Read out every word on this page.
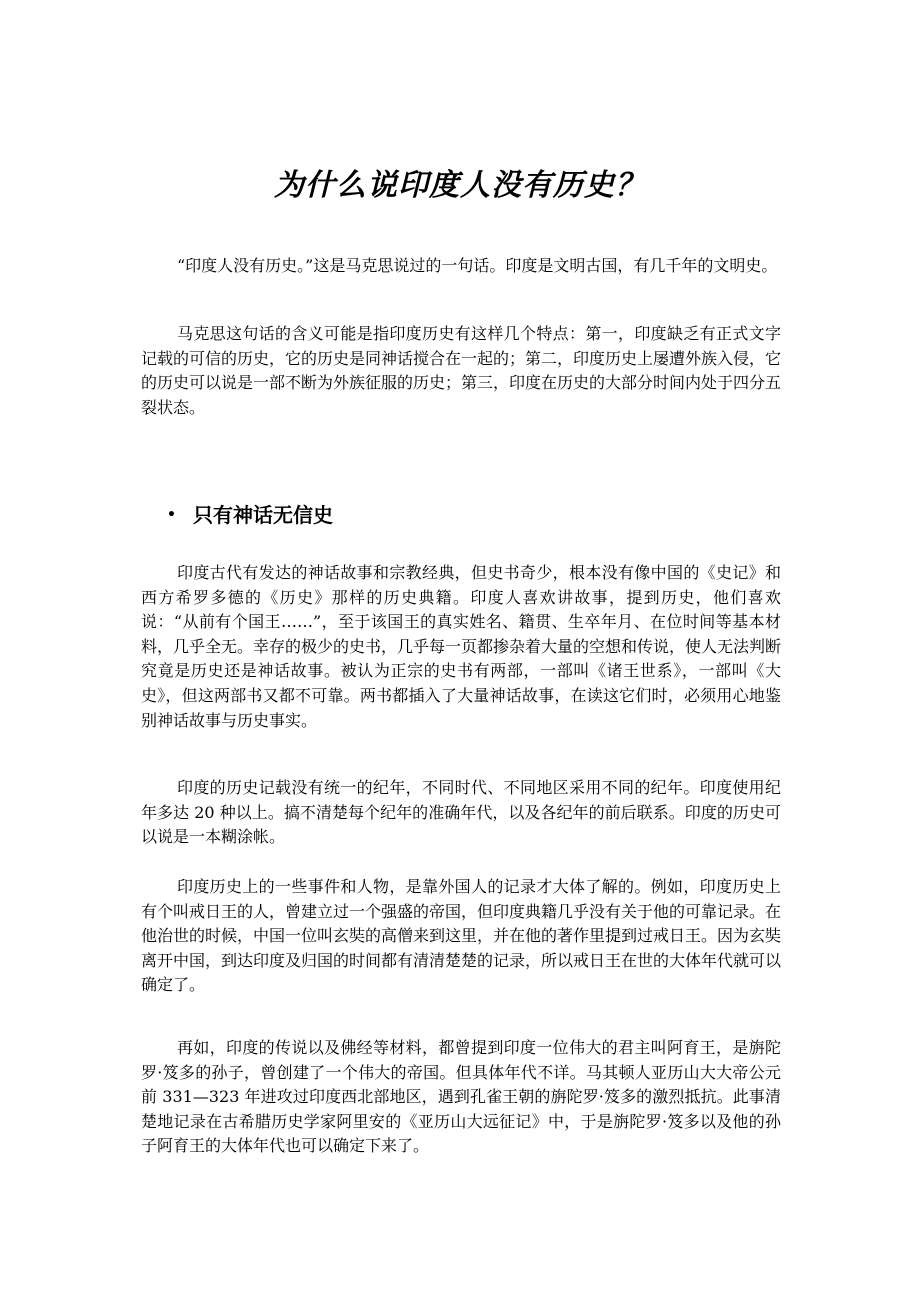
为什么说印度人没有历史？

“印度人没有历史。”这是马克思说过的一句话。印度是文明古国，有几千年的文明史。

马克思这句话的含义可能是指印度历史有这样几个特点：第一，印度缺乏有正式文字记载的可信的历史，它的历史是同神话搅合在一起的；第二，印度历史上屡遭外族入侵，它的历史可以说是一部不断为外族征服的历史；第三，印度在历史的大部分时间内处于四分五裂状态。

• 只有神话无信史

印度古代有发达的神话故事和宗教经典，但史书奇少，根本没有像中国的《史记》和西方希罗多德的《历史》那样的历史典籍。印度人喜欢讲故事，提到历史，他们喜欢说：“从前有个国王……”，至于该国王的真实姓名、籍贯、生卒年月、在位时间等基本材料，几乎全无。幸存的极少的史书，几乎每一页都掺杂着大量的空想和传说，使人无法判断究竟是历史还是神话故事。被认为正宗的史书有两部，一部叫《诸王世系》，一部叫《大史》，但这两部书又都不可靠。两书都插入了大量神话故事，在读这它们时，必须用心地鉴别神话故事与历史事实。

印度的历史记载没有统一的纪年，不同时代、不同地区采用不同的纪年。印度使用纪年多达 20 种以上。搞不清楚每个纪年的准确年代，以及各纪年的前后联系。印度的历史可以说是一本糊涂帐。

印度历史上的一些事件和人物，是靠外国人的记录才大体了解的。例如，印度历史上有个叫戒日王的人，曾建立过一个强盛的帝国，但印度典籍几乎没有关于他的可靠记录。在他治世的时候，中国一位叫玄奘的高僧来到这里，并在他的著作里提到过戒日王。因为玄奘离开中国，到达印度及归国的时间都有清清楚楚的记录，所以戒日王在世的大体年代就可以确定了。

再如，印度的传说以及佛经等材料，都曾提到印度一位伟大的君主叫阿育王，是旃陀罗·笈多的孙子，曾创建了一个伟大的帝国。但具体年代不详。马其顿人亚历山大大帝公元前 331—323 年进攻过印度西北部地区，遇到孔雀王朝的旃陀罗·笈多的激烈抵抗。此事清楚地记录在古希腊历史学家阿里安的《亚历山大远征记》中，于是旃陀罗·笈多以及他的孙子阿育王的大体年代也可以确定下来了。
